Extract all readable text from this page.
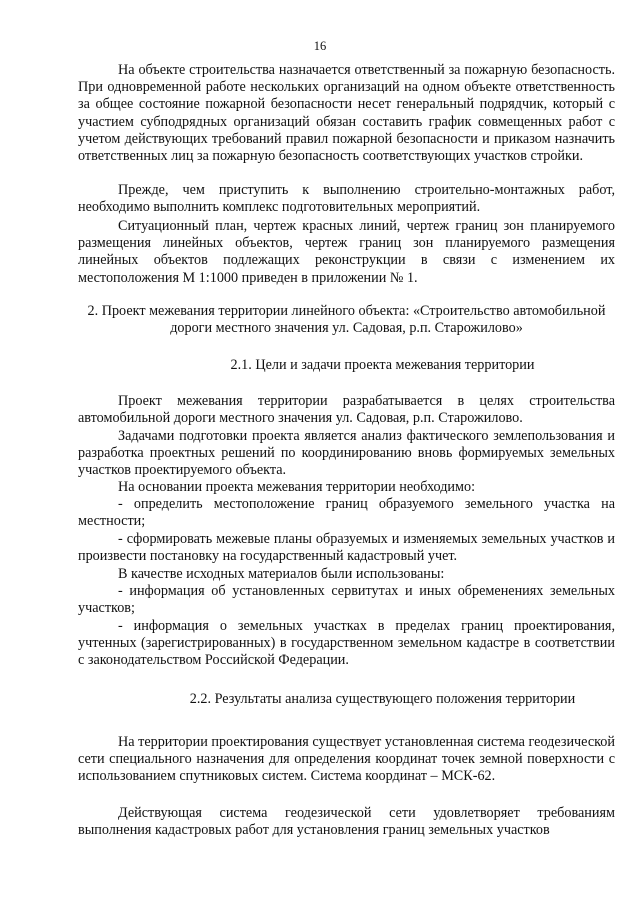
16

На объекте строительства назначается ответственный за пожарную безопасность. При одновременной работе нескольких организаций на одном объекте ответственность за общее состояние пожарной безопасности несет генеральный подрядчик, который с участием субподрядных организаций обязан составить график совмещенных работ с учетом действующих требований правил пожарной безопасности и приказом назначить ответственных лиц за пожарную безопасность соответствующих участков стройки.

Прежде, чем приступить к выполнению строительно-монтажных работ, необходимо выполнить комплекс подготовительных мероприятий.

Ситуационный план, чертеж красных линий, чертеж границ зон планируемого размещения линейных объектов, чертеж границ зон планируемого размещения линейных объектов подлежащих реконструкции в связи с изменением их местоположения М 1:1000 приведен в приложении № 1.

2. Проект межевания территории линейного объекта: «Строительство автомобильной дороги местного значения ул. Садовая, р.п. Старожилово»

2.1. Цели и задачи проекта межевания территории

Проект межевания территории разрабатывается в целях строительства автомобильной дороги местного значения ул. Садовая, р.п. Старожилово.

Задачами подготовки проекта является анализ фактического землепользования и разработка проектных решений по координированию вновь формируемых земельных участков проектируемого объекта.

На основании проекта межевания территории необходимо:

- определить местоположение границ образуемого земельного участка на местности;

- сформировать межевые планы образуемых и изменяемых земельных участков и произвести постановку на государственный кадастровый учет.

В качестве исходных материалов были использованы:

- информация об установленных сервитутах и иных обременениях земельных участков;

- информация о земельных участках в пределах границ проектирования, учтенных (зарегистрированных) в государственном земельном кадастре в соответствии с законодательством Российской Федерации.

2.2. Результаты анализа существующего положения территории

На территории проектирования существует установленная система геодезической сети специального назначения для определения координат точек земной поверхности с использованием спутниковых систем. Система координат – МСК-62.

Действующая система геодезической сети удовлетворяет требованиям выполнения кадастровых работ для установления границ земельных участков
